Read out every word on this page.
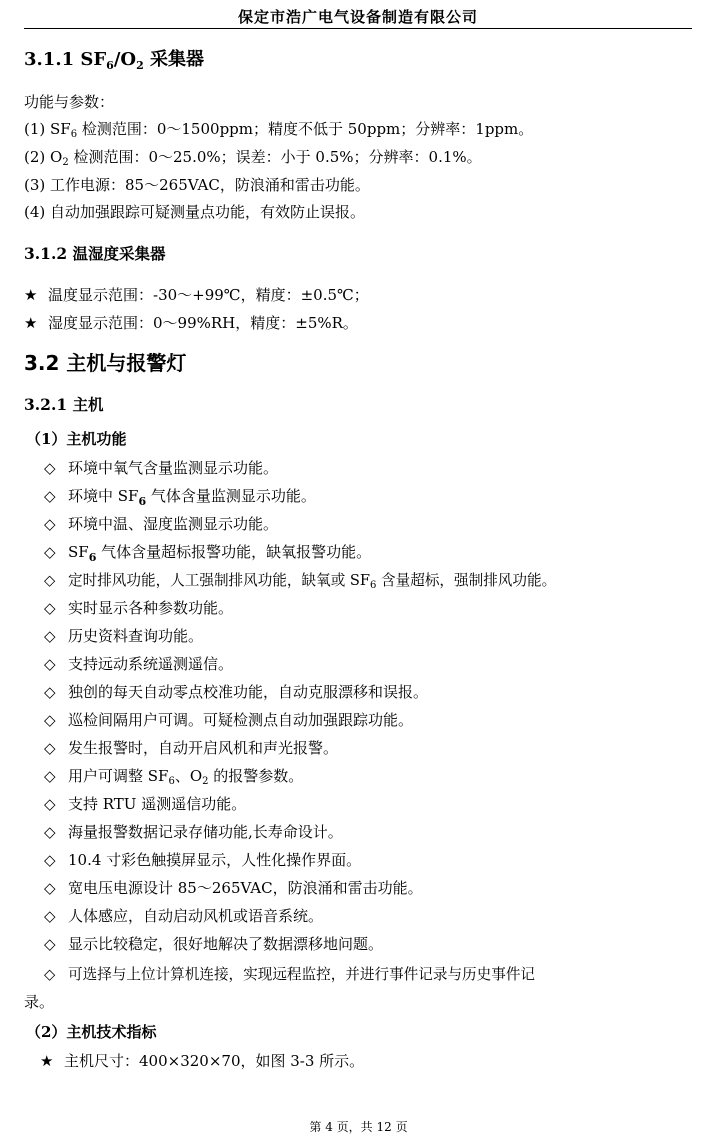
保定市浩广电气设备制造有限公司
3.1.1 $SF_6/O_2$ 采集器
功能与参数：
(1) $SF_6$ 检测范围：0～1500ppm；精度不低于 50ppm；分辨率：1ppm。
(2) $O_2$ 检测范围：0～25.0%；误差：小于 0.5%；分辨率：0.1%。
(3) 工作电源：85～265VAC，防浪涌和雷击功能。
(4) 自动加强跟踪可疑测量点功能，有效防止误报。
3.1.2 温湿度采集器
★ 温度显示范围：-30～+99℃，精度：±0.5℃；
★ 湿度显示范围：0～99%RH，精度：±5%R。
3.2 主机与报警灯
3.2.1 主机
（1）主机功能
◇ 环境中氧气含量监测显示功能。
◇ 环境中 $SF_6$ 气体含量监测显示功能。
◇ 环境中温、湿度监测显示功能。
◇ $SF_6$ 气体含量超标报警功能，缺氧报警功能。
◇ 定时排风功能，人工强制排风功能，缺氧或 $SF_6$ 含量超标，强制排风功能。
◇ 实时显示各种参数功能。
◇ 历史资料查询功能。
◇ 支持远动系统遥测遥信。
◇ 独创的每天自动零点校准功能，自动克服漂移和误报。
◇ 巡检间隔用户可调。可疑检测点自动加强跟踪功能。
◇ 发生报警时，自动开启风机和声光报警。
◇ 用户可调整 $SF_6$、$O_2$ 的报警参数。
◇ 支持 RTU 遥测遥信功能。
◇ 海量报警数据记录存储功能,长寿命设计。
◇ 10.4 寸彩色触摸屏显示，人性化操作界面。
◇ 宽电压电源设计 85～265VAC，防浪涌和雷击功能。
◇ 人体感应，自动启动风机或语音系统。
◇ 显示比较稳定，很好地解决了数据漂移地问题。
◇ 可选择与上位计算机连接，实现远程监控，并进行事件记录与历史事件记
录。
（2）主机技术指标
★ 主机尺寸：400×320×70，如图 3-3 所示。
第 4 页，共 12 页
